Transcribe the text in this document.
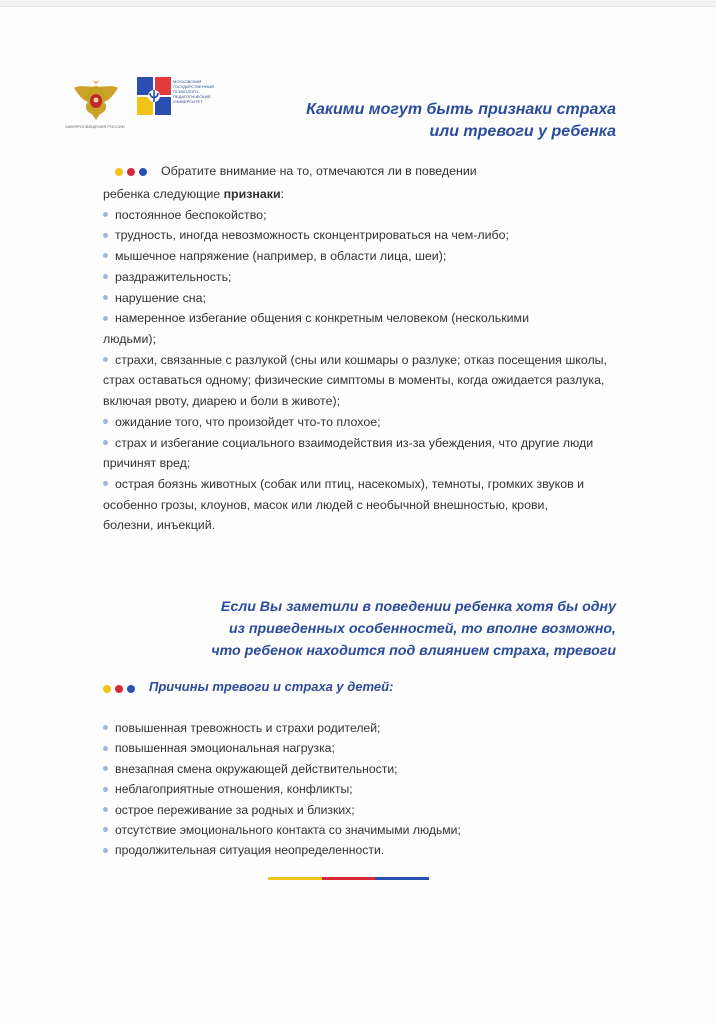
МИНПРОСВЕЩЕНИЯ РОССИИ
МОСКОВСКИЙ ГОСУДАРСТВЕННЫЙ ПСИХОЛОГО-ПЕДАГОГИЧЕСКИЙ УНИВЕРСИТЕТ	Какими могут быть признаки страха
или тревоги у ребенка
Обратите внимание на то, отмечаются ли в поведении
ребенка следующие признаки:
постоянное беспокойство;
трудность, иногда невозможность сконцентрироваться на чем-либо;
мышечное напряжение (например, в области лица, шеи);
раздражительность;
нарушение сна;
намеренное избегание общения с конкретным человеком (несколькими людьми);
страхи, связанные с разлукой (сны или кошмары о разлуке; отказ посещения школы, страх оставаться одному; физические симптомы в моменты, когда ожидается разлука, включая рвоту, диарею и боли в животе);
ожидание того, что произойдет что-то плохое;
страх и избегание социального взаимодействия из-за убеждения, что другие люди причинят вред;
острая боязнь животных (собак или птиц, насекомых), темноты, громких звуков и особенно грозы, клоунов, масок или людей с необычной внешностью, крови, болезни, инъекций.
Если Вы заметили в поведении ребенка хотя бы одну
из приведенных особенностей, то вполне возможно,
что ребенок находится под влиянием страха, тревоги
Причины тревоги и страха у детей:
повышенная тревожность и страхи родителей;
повышенная эмоциональная нагрузка;
внезапная смена окружающей действительности;
неблагоприятные отношения, конфликты;
острое переживание за родных и близких;
отсутствие эмоционального контакта со значимыми людьми;
продолжительная ситуация неопределенности.
